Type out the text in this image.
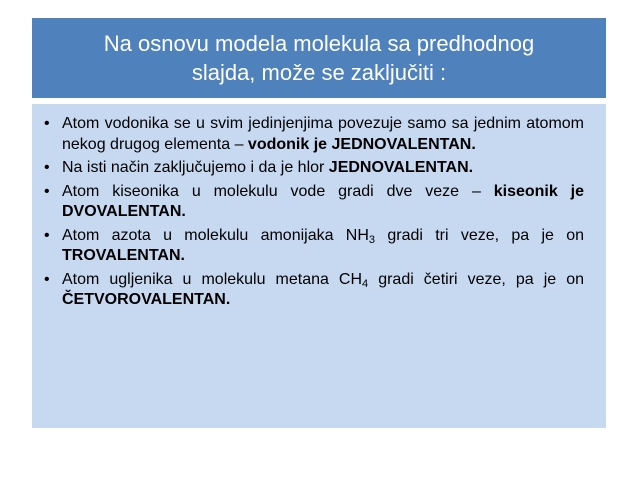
Na osnovu modela molekula sa predhodnog
slajda, može se zaključiti :
• Atom vodonika se u svim jedinjenjima povezuje samo sa jednim atomom nekog drugog elementa – vodonik je JEDNOVALENTAN.
• Na isti način zaključujemo i da je hlor JEDNOVALENTAN.
• Atom kiseonika u molekulu vode gradi dve veze – kiseonik je DVOVALENTAN.
• Atom azota u molekulu amonijaka $NH_3$ gradi tri veze, pa je on TROVALENTAN.
• Atom ugljenika u molekulu metana $CH_4$ gradi četiri veze, pa je on ČETVOROVALENTAN.
